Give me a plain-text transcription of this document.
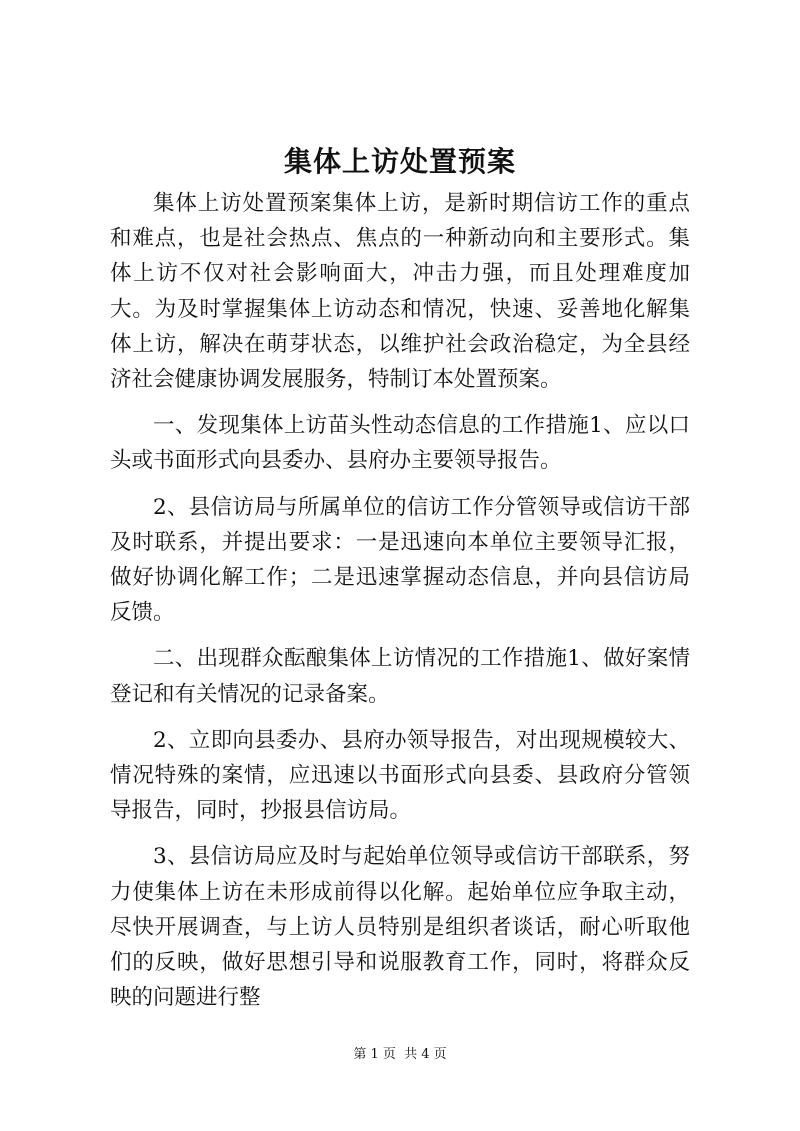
集体上访处置预案

集体上访处置预案集体上访，是新时期信访工作的重点和难点，也是社会热点、焦点的一种新动向和主要形式。集体上访不仅对社会影响面大，冲击力强，而且处理难度加大。为及时掌握集体上访动态和情况，快速、妥善地化解集体上访，解决在萌芽状态，以维护社会政治稳定，为全县经济社会健康协调发展服务，特制订本处置预案。

一、发现集体上访苗头性动态信息的工作措施1、应以口头或书面形式向县委办、县府办主要领导报告。

2、县信访局与所属单位的信访工作分管领导或信访干部及时联系，并提出要求：一是迅速向本单位主要领导汇报，做好协调化解工作；二是迅速掌握动态信息，并向县信访局反馈。

二、出现群众酝酿集体上访情况的工作措施1、做好案情登记和有关情况的记录备案。

2、立即向县委办、县府办领导报告，对出现规模较大、情况特殊的案情，应迅速以书面形式向县委、县政府分管领导报告，同时，抄报县信访局。

3、县信访局应及时与起始单位领导或信访干部联系，努力使集体上访在未形成前得以化解。起始单位应争取主动，尽快开展调查，与上访人员特别是组织者谈话，耐心听取他们的反映，做好思想引导和说服教育工作，同时，将群众反映的问题进行整

第 1 页 共 4 页
